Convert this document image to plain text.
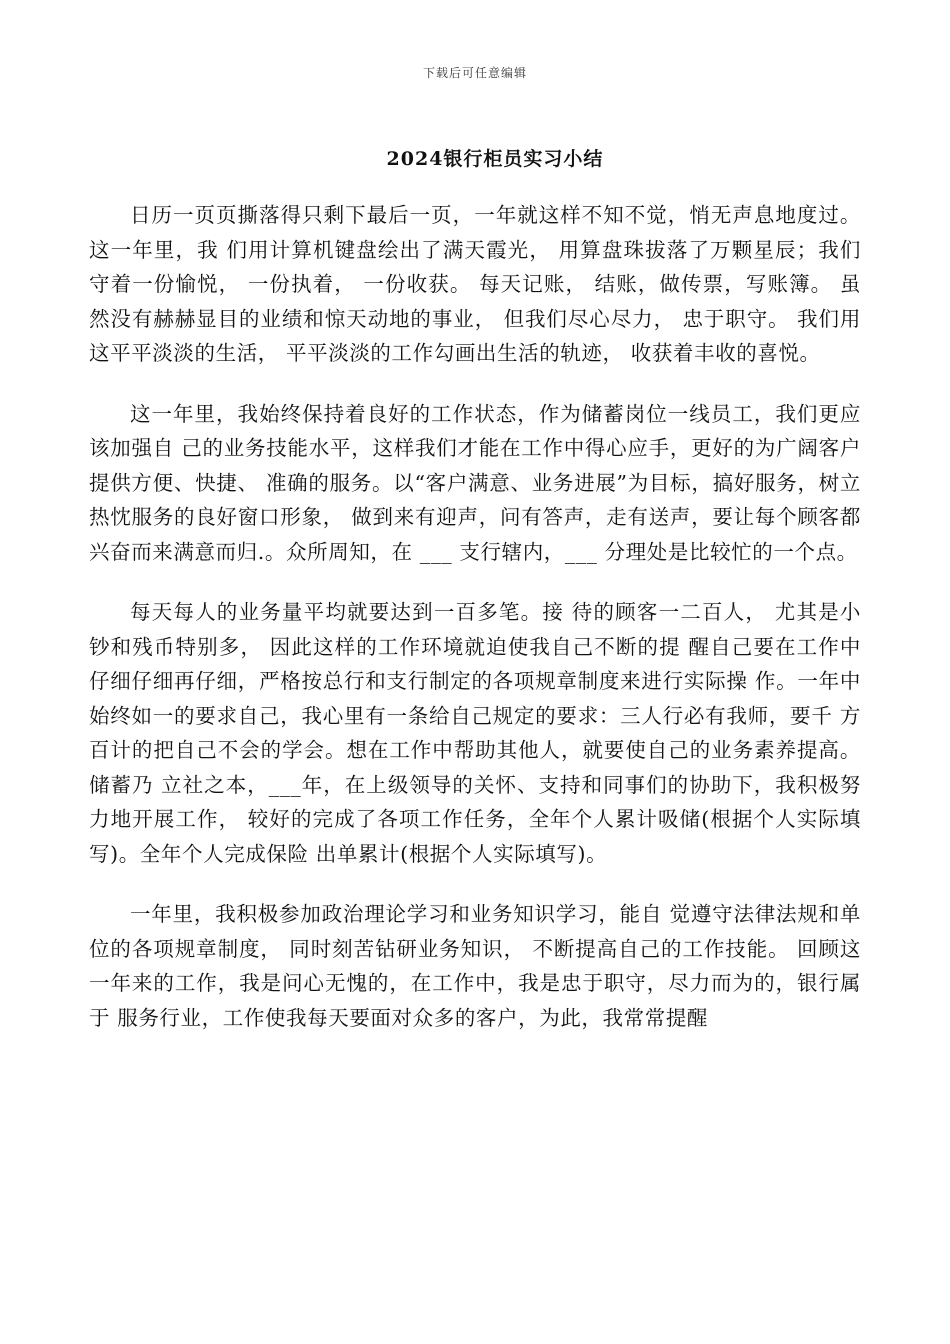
下载后可任意编辑
2024银行柜员实习小结

日历一页页撕落得只剩下最后一页，一年就这样不知不觉，悄无声息地度过。这一年里，我 们用计算机键盘绘出了满天霞光， 用算盘珠拔落了万颗星辰；我们守着一份愉悦， 一份执着， 一份收获。 每天记账， 结账，做传票，写账簿。 虽然没有赫赫显目的业绩和惊天动地的事业， 但我们尽心尽力， 忠于职守。 我们用这平平淡淡的生活， 平平淡淡的工作勾画出生活的轨迹， 收获着丰收的喜悦。

这一年里，我始终保持着良好的工作状态，作为储蓄岗位一线员工，我们更应该加强自 己的业务技能水平，这样我们才能在工作中得心应手，更好的为广阔客户提供方便、快捷、 准确的服务。以“客户满意、业务进展”为目标，搞好服务，树立热忱服务的良好窗口形象， 做到来有迎声，问有答声，走有送声，要让每个顾客都兴奋而来满意而归.。众所周知，在 ___ 支行辖内，___ 分理处是比较忙的一个点。

每天每人的业务量平均就要达到一百多笔。接 待的顾客一二百人， 尤其是小钞和残币特别多， 因此这样的工作环境就迫使我自己不断的提 醒自己要在工作中仔细仔细再仔细，严格按总行和支行制定的各项规章制度来进行实际操 作。一年中始终如一的要求自己，我心里有一条给自己规定的要求：三人行必有我师，要千 方百计的把自己不会的学会。想在工作中帮助其他人，就要使自己的业务素养提高。储蓄乃 立社之本，___年，在上级领导的关怀、支持和同事们的协助下，我积极努力地开展工作， 较好的完成了各项工作任务，全年个人累计吸储(根据个人实际填写)。全年个人完成保险 出单累计(根据个人实际填写)。

一年里，我积极参加政治理论学习和业务知识学习，能自 觉遵守法律法规和单位的各项规章制度， 同时刻苦钻研业务知识， 不断提高自己的工作技能。 回顾这一年来的工作，我是问心无愧的，在工作中，我是忠于职守，尽力而为的，银行属于 服务行业，工作使我每天要面对众多的客户，为此，我常常提醒
